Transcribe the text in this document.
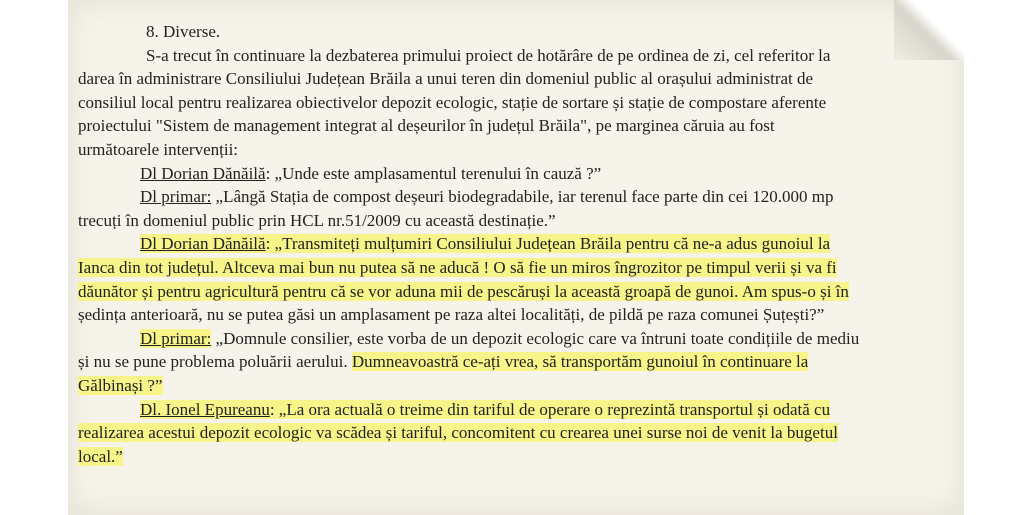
8. Diverse.
S-a trecut în continuare la dezbaterea primului proiect de hotărâre de pe ordinea de zi, cel referitor la
darea în administrare Consiliului Județean Brăila a unui teren din domeniul public al orașului administrat de
consiliul local pentru realizarea obiectivelor depozit ecologic, stație de sortare și stație de compostare aferente
proiectului "Sistem de management integrat al deșeurilor în județul Brăila", pe marginea căruia au fost
următoarele intervenții:
Dl Dorian Dănăilă: „Unde este amplasamentul terenului în cauză ?”
Dl primar: „Lângă Stația de compost deșeuri biodegradabile, iar terenul face parte din cei 120.000 mp
trecuți în domeniul public prin HCL nr.51/2009 cu această destinație.”
Dl Dorian Dănăilă: „Transmiteți mulțumiri Consiliului Județean Brăila pentru că ne-a adus gunoiul la
Ianca din tot județul. Altceva mai bun nu putea să ne aducă ! O să fie un miros îngrozitor pe timpul verii și va fi
dăunător și pentru agricultură pentru că se vor aduna mii de pescăruși la această groapă de gunoi. Am spus-o și în
ședința anterioară, nu se putea găsi un amplasament pe raza altei localități, de pildă pe raza comunei Șuțești?”
Dl primar: „Domnule consilier, este vorba de un depozit ecologic care va întruni toate condițiile de mediu
și nu se pune problema poluării aerului. Dumneavoastră ce-ați vrea, să transportăm gunoiul în continuare la
Gălbinași ?”
Dl. Ionel Epureanu: „La ora actuală o treime din tariful de operare o reprezintă transportul și odată cu
realizarea acestui depozit ecologic va scădea și tariful, concomitent cu crearea unei surse noi de venit la bugetul
local.”
